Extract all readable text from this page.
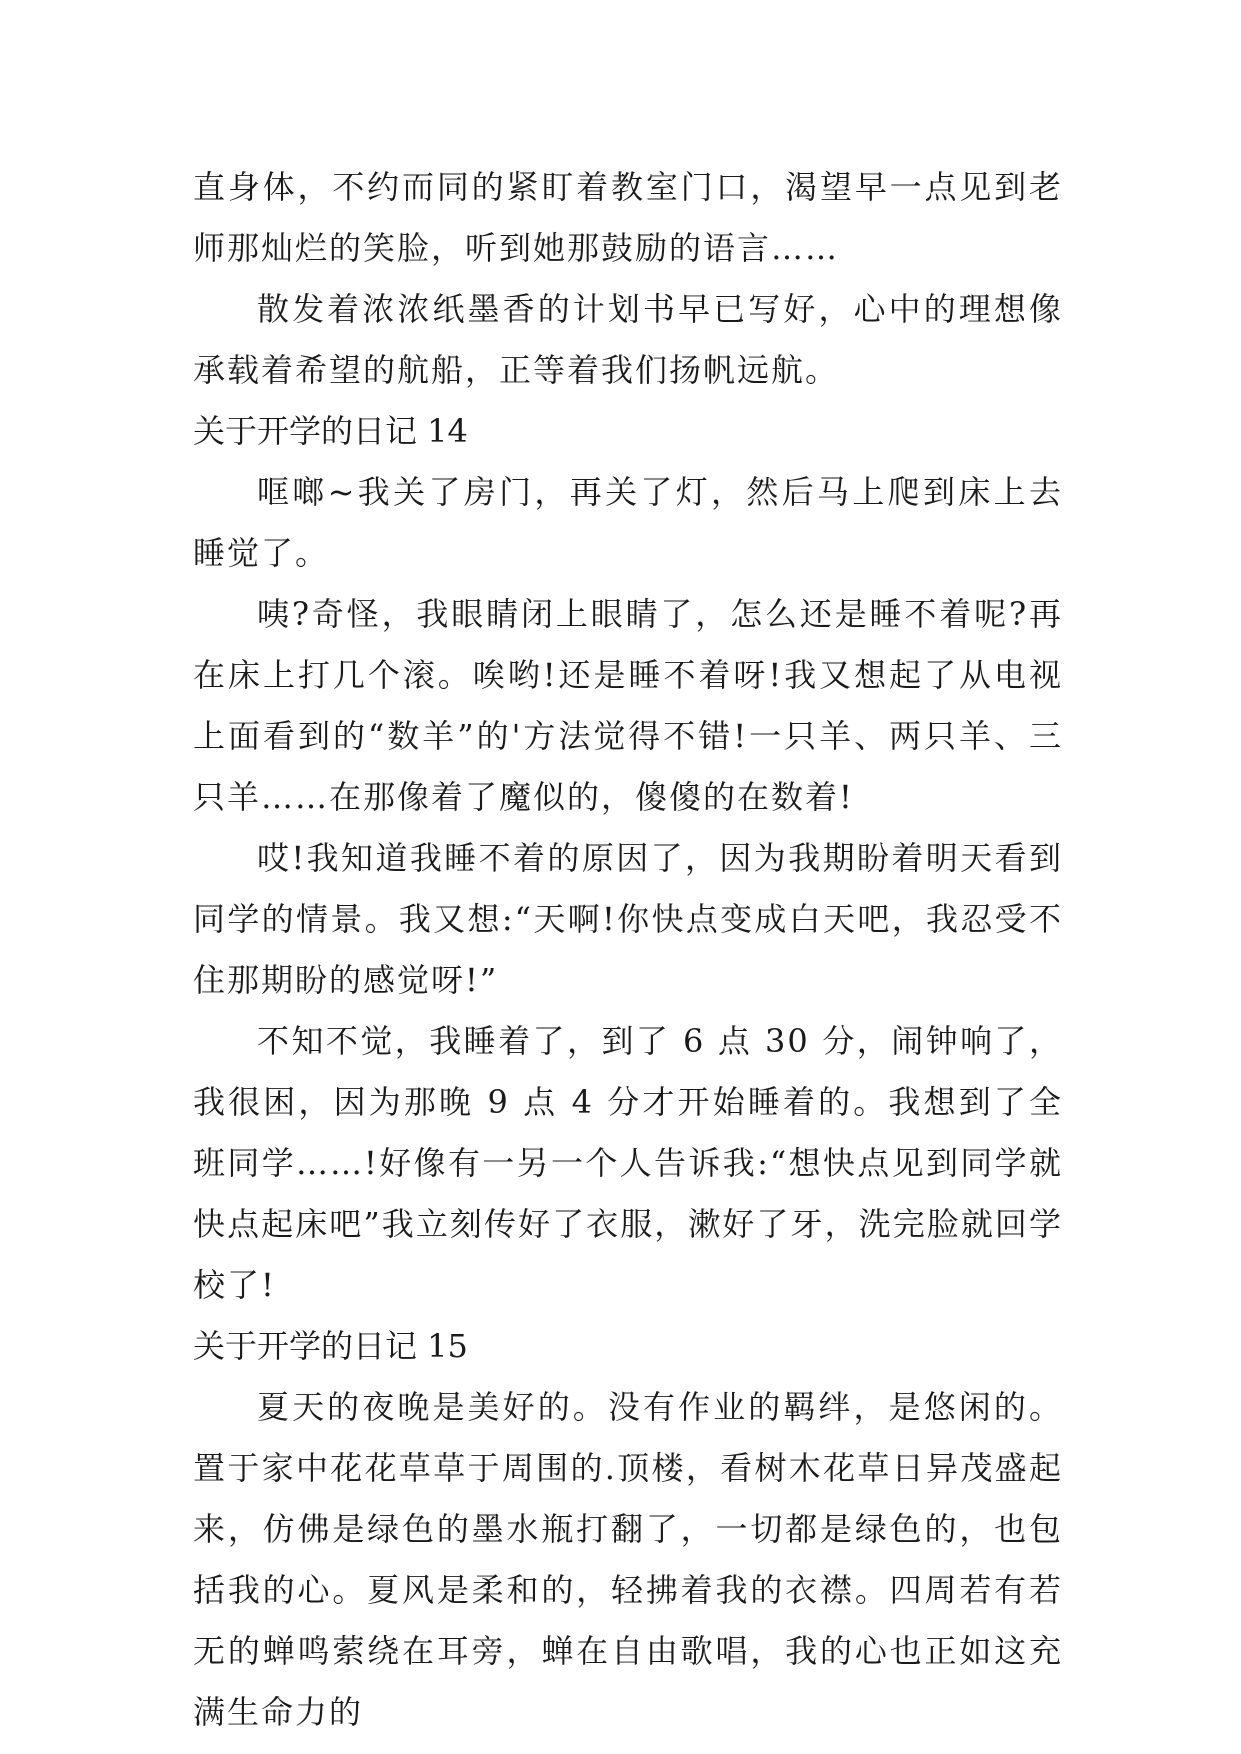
直身体，不约而同的紧盯着教室门口，渴望早一点见到老师那灿烂的笑脸，听到她那鼓励的语言……

散发着浓浓纸墨香的计划书早已写好，心中的理想像承载着希望的航船，正等着我们扬帆远航。

关于开学的日记 14

哐啷~我关了房门，再关了灯，然后马上爬到床上去睡觉了。

咦?奇怪，我眼睛闭上眼睛了，怎么还是睡不着呢?再在床上打几个滚。唉哟!还是睡不着呀!我又想起了从电视上面看到的“数羊”的'方法觉得不错!一只羊、两只羊、三只羊……在那像着了魔似的，傻傻的在数着!

哎!我知道我睡不着的原因了，因为我期盼着明天看到同学的情景。我又想:“天啊!你快点变成白天吧，我忍受不住那期盼的感觉呀!”

不知不觉，我睡着了，到了 6 点 30 分，闹钟响了，我很困，因为那晚 9 点 4 分才开始睡着的。我想到了全班同学……!好像有一另一个人告诉我:“想快点见到同学就快点起床吧”我立刻传好了衣服，漱好了牙，洗完脸就回学校了!

关于开学的日记 15

夏天的夜晚是美好的。没有作业的羁绊，是悠闲的。置于家中花花草草于周围的.顶楼，看树木花草日异茂盛起来，仿佛是绿色的墨水瓶打翻了，一切都是绿色的，也包括我的心。夏风是柔和的，轻拂着我的衣襟。四周若有若无的蝉鸣萦绕在耳旁，蝉在自由歌唱，我的心也正如这充满生命力的
